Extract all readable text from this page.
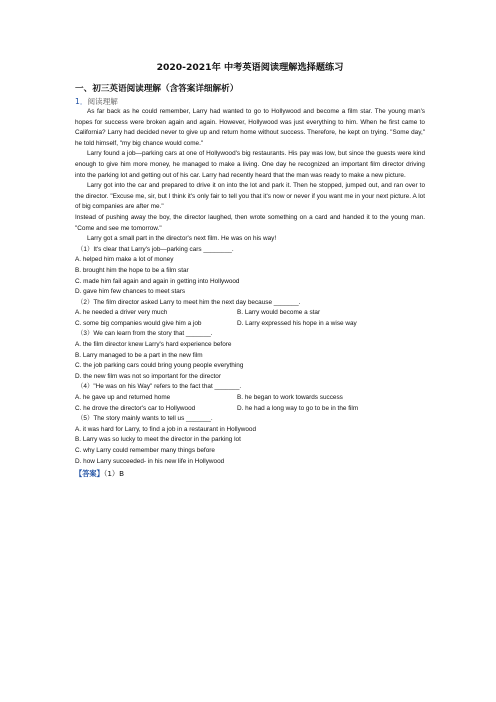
2020-2021年 中考英语阅读理解选择题练习
一、初三英语阅读理解（含答案详细解析）
1．阅读理解

As far back as he could remember, Larry had wanted to go to Hollywood and become a film star. The young man's hopes for success were broken again and again. However, Hollywood was just everything to him. When he first came to California? Larry had decided never to give up and return home without success. Therefore, he kept on trying. "Some day," he told himself, "my big chance would come."

Larry found a job—parking cars at one of Hollywood's big restaurants. His pay was low, but since the guests were kind enough to give him more money, he managed to make a living. One day he recognized an important film director driving into the parking lot and getting out of his car. Larry had recently heard that the man was ready to make a new picture.

Larry got into the car and prepared to drive it on into the lot and park it. Then he stopped, jumped out, and ran over to the director. "Excuse me, sir, but I think it's only fair to tell you that it's now or never if you want me in your next picture. A lot of big companies are after me."

Instead of pushing away the boy, the director laughed, then wrote something on a card and handed it to the young man. "Come and see me tomorrow."

Larry got a small part in the director's next film. He was on his way!

（1）It's clear that Larry's job—parking cars ________.
A. helped him make a lot of money
B. brought him the hope to be a film star
C. made him fail again and again in getting into Hollywood
D. gave him few chances to meet stars
（2）The film director asked Larry to meet him the next day because _______.
A. he needed a driver very much	B. Larry would become a star
C. some big companies would give him a job	D. Larry expressed his hope in a wise way
（3）We can learn from the story that _______.
A. the film director knew Larry's hard experience before
B. Larry managed to be a part in the new film
C. the job parking cars could bring young people everything
D. the new film was not so important for the director
（4）"He was on his Way" refers to the fact that _______.
A. he gave up and returned home	B. he began to work towards success
C. he drove the director's car to Hollywood	D. he had a long way to go to be in the film
（5）The story mainly wants to tell us _______.
A. it was hard for Larry, to find a job in a restaurant in Hollywood
B. Larry was so lucky to meet the director in the parking lot
C. why Larry could remember many things before
D. how Larry succeeded- in his new life in Hollywood
【答案】（1）B
